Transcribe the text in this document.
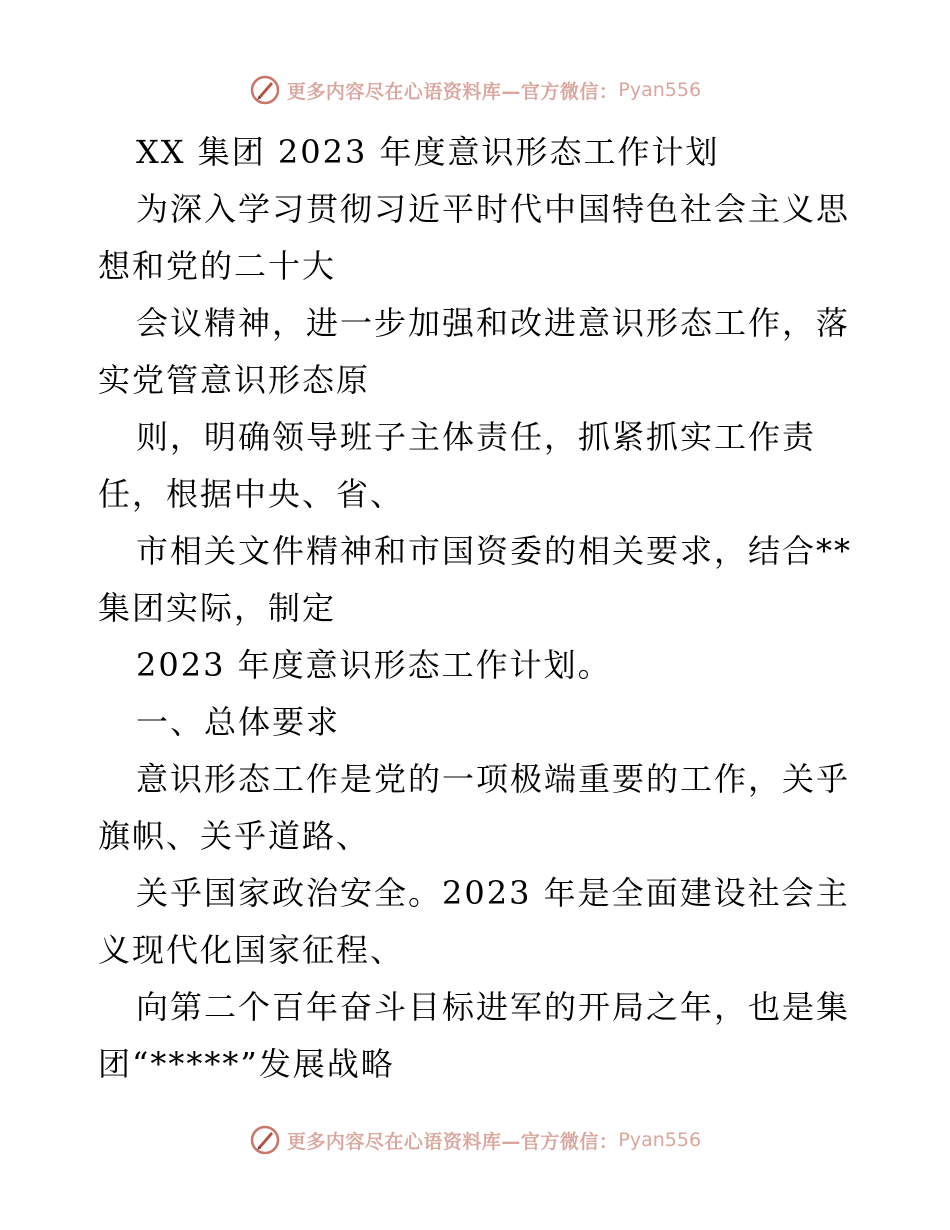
更多内容尽在心语资料库—官方微信： Pyan556
XX 集团 2023 年度意识形态工作计划
为深入学习贯彻习近平时代中国特色社会主义思
想和党的二十大
会议精神，进一步加强和改进意识形态工作，落
实党管意识形态原
则，明确领导班子主体责任，抓紧抓实工作责
任，根据中央、省、
市相关文件精神和市国资委的相关要求，结合**
集团实际，制定
2023 年度意识形态工作计划。
一、总体要求
意识形态工作是党的一项极端重要的工作，关乎
旗帜、关乎道路、
关乎国家政治安全。2023 年是全面建设社会主
义现代化国家征程、
向第二个百年奋斗目标进军的开局之年，也是集
团“*****”发展战略
更多内容尽在心语资料库—官方微信： Pyan556
